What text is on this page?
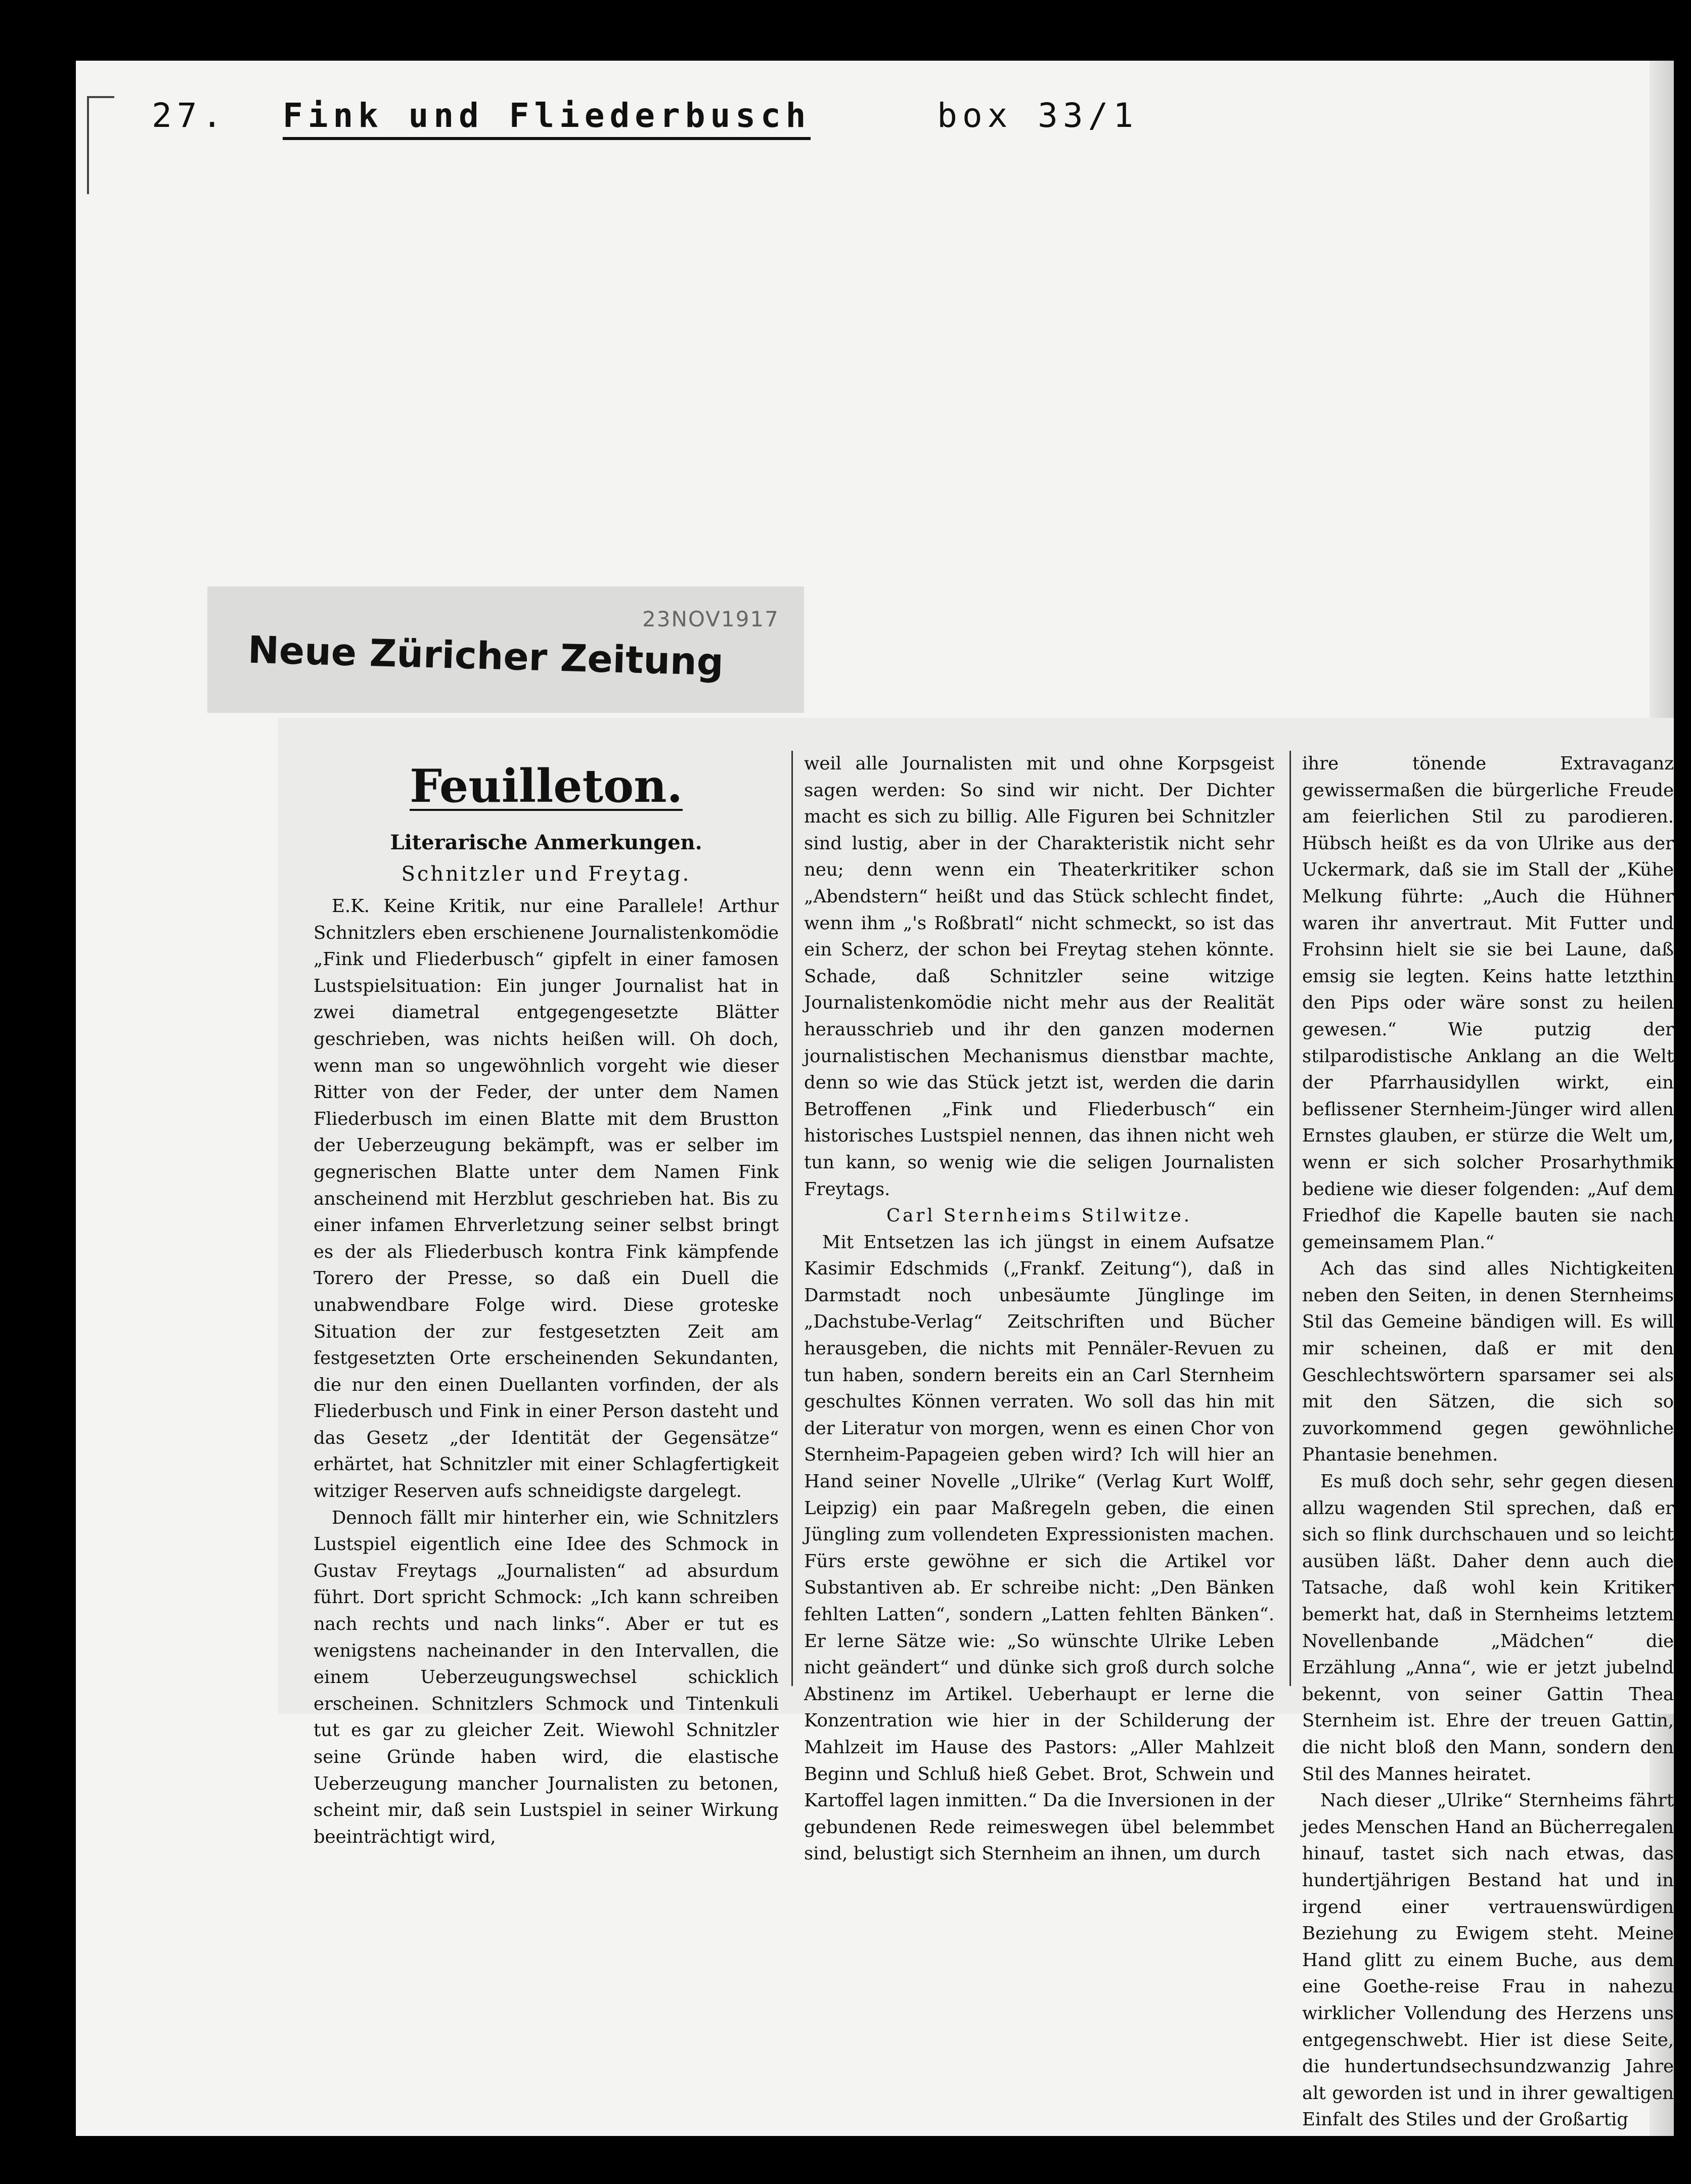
27. Fink und Fliederbusch	box 33/1
23NOV1917
Neue Züricher Zeitung
Feuilleton.
Literarische Anmerkungen.
Schnitzler und Freytag.

E.K. Keine Kritik, nur eine Parallele! Arthur Schnitzlers eben erschienene Journalistenkomödie „Fink und Fliederbusch“ gipfelt in einer famosen Lustspielsituation: Ein junger Journalist hat in zwei diametral entgegengesetzte Blätter geschrieben, was nichts heißen will. Oh doch, wenn man so ungewöhnlich vorgeht wie dieser Ritter von der Feder, der unter dem Namen Fliederbusch im einen Blatte mit dem Brustton der Ueberzeugung bekämpft, was er selber im gegnerischen Blatte unter dem Namen Fink anscheinend mit Herzblut geschrieben hat. Bis zu einer infamen Ehrverletzung seiner selbst bringt es der als Fliederbusch kontra Fink kämpfende Torero der Presse, so daß ein Duell die unabwendbare Folge wird. Diese groteske Situation der zur festgesetzten Zeit am festgesetzten Orte erscheinenden Sekundanten, die nur den einen Duellanten vorfinden, der als Fliederbusch und Fink in einer Person dasteht und das Gesetz „der Identität der Gegensätze“ erhärtet, hat Schnitzler mit einer Schlagfertigkeit witziger Reserven aufs schneidigste dargelegt.

Dennoch fällt mir hinterher ein, wie Schnitzlers Lustspiel eigentlich eine Idee des Schmock in Gustav Freytags „Journalisten“ ad absurdum führt. Dort spricht Schmock: „Ich kann schreiben nach rechts und nach links“. Aber er tut es wenigstens nacheinander in den Intervallen, die einem Ueberzeugungswechsel schicklich erscheinen. Schnitzlers Schmock und Tintenkuli tut es gar zu gleicher Zeit. Wiewohl Schnitzler seine Gründe haben wird, die elastische Ueberzeugung mancher Journalisten zu betonen, scheint mir, daß sein Lustspiel in seiner Wirkung beeinträchtigt wird,

weil alle Journalisten mit und ohne Korpsgeist sagen werden: So sind wir nicht. Der Dichter macht es sich zu billig. Alle Figuren bei Schnitzler sind lustig, aber in der Charakteristik nicht sehr neu; denn wenn ein Theaterkritiker schon „Abendstern“ heißt und das Stück schlecht findet, wenn ihm „'s Roßbratl“ nicht schmeckt, so ist das ein Scherz, der schon bei Freytag stehen könnte. Schade, daß Schnitzler seine witzige Journalistenkomödie nicht mehr aus der Realität herausschrieb und ihr den ganzen modernen journalistischen Mechanismus dienstbar machte, denn so wie das Stück jetzt ist, werden die darin Betroffenen „Fink und Fliederbusch“ ein historisches Lustspiel nennen, das ihnen nicht weh tun kann, so wenig wie die seligen Journalisten Freytags.

Carl Sternheims Stilwitze.

Mit Entsetzen las ich jüngst in einem Aufsatze Kasimir Edschmids („Frankf. Zeitung“), daß in Darmstadt noch unbesäumte Jünglinge im „Dachstube-Verlag“ Zeitschriften und Bücher herausgeben, die nichts mit Pennäler-Revuen zu tun haben, sondern bereits ein an Carl Sternheim geschultes Können verraten. Wo soll das hin mit der Literatur von morgen, wenn es einen Chor von Sternheim-Papageien geben wird? Ich will hier an Hand seiner Novelle „Ulrike“ (Verlag Kurt Wolff, Leipzig) ein paar Maßregeln geben, die einen Jüngling zum vollendeten Expressionisten machen. Fürs erste gewöhne er sich die Artikel vor Substantiven ab. Er schreibe nicht: „Den Bänken fehlten Latten“, sondern „Latten fehlten Bänken“. Er lerne Sätze wie: „So wünschte Ulrike Leben nicht geändert“ und dünke sich groß durch solche Abstinenz im Artikel. Ueberhaupt er lerne die Konzentration wie hier in der Schilderung der Mahlzeit im Hause des Pastors: „Aller Mahlzeit Beginn und Schluß hieß Gebet. Brot, Schwein und Kartoffel lagen inmitten.“ Da die Inversionen in der gebundenen Rede reimeswegen übel belemmbet sind, belustigt sich Sternheim an ihnen, um durch

ihre tönende Extravaganz gewissermaßen die bürgerliche Freude am feierlichen Stil zu parodieren. Hübsch heißt es da von Ulrike aus der Uckermark, daß sie im Stall der „Kühe Melkung führte: „Auch die Hühner waren ihr anvertraut. Mit Futter und Frohsinn hielt sie sie bei Laune, daß emsig sie legten. Keins hatte letzthin den Pips oder wäre sonst zu heilen gewesen.“ Wie putzig der stilparodistische Anklang an die Welt der Pfarrhausidyllen wirkt, ein beflissener Sternheim-Jünger wird allen Ernstes glauben, er stürze die Welt um, wenn er sich solcher Prosarhythmik bediene wie dieser folgenden: „Auf dem Friedhof die Kapelle bauten sie nach gemeinsamem Plan.“

Ach das sind alles Nichtigkeiten neben den Seiten, in denen Sternheims Stil das Gemeine bändigen will. Es will mir scheinen, daß er mit den Geschlechtswörtern sparsamer sei als mit den Sätzen, die sich so zuvorkommend gegen gewöhnliche Phantasie benehmen.

Es muß doch sehr, sehr gegen diesen allzu wagenden Stil sprechen, daß er sich so flink durchschauen und so leicht ausüben läßt. Daher denn auch die Tatsache, daß wohl kein Kritiker bemerkt hat, daß in Sternheims letztem Novellenbande „Mädchen“ die Erzählung „Anna“, wie er jetzt jubelnd bekennt, von seiner Gattin Thea Sternheim ist. Ehre der treuen Gattin, die nicht bloß den Mann, sondern den Stil des Mannes heiratet.

Nach dieser „Ulrike“ Sternheims fährt jedes Menschen Hand an Bücherregalen hinauf, tastet sich nach etwas, das hundertjährigen Bestand hat und in irgend einer vertrauenswürdigen Beziehung zu Ewigem steht. Meine Hand glitt zu einem Buche, aus dem eine Goethe-reise Frau in nahezu wirklicher Vollendung des Herzens uns entgegenschwebt. Hier ist diese Seite, die hundertundsechsundzwanzig Jahre alt geworden ist und in ihrer gewaltigen Einfalt des Stiles und der Großartig
